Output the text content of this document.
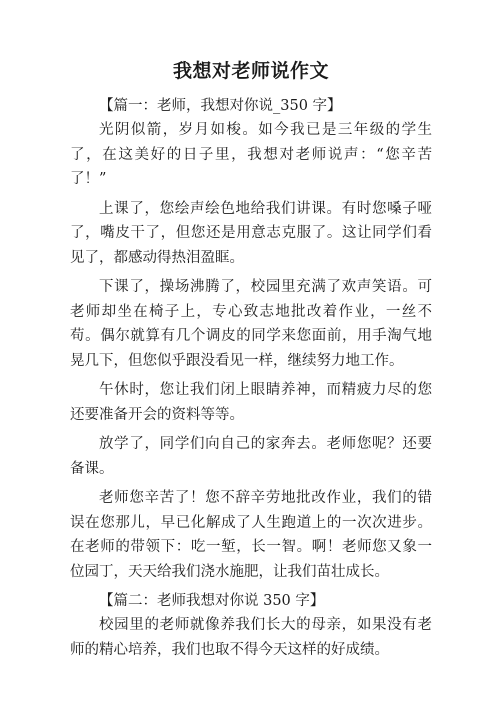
我想对老师说作文

【篇一：老师，我想对你说_350 字】

光阴似箭，岁月如梭。如今我已是三年级的学生了，在这美好的日子里，我想对老师说声：“您辛苦了！”

上课了，您绘声绘色地给我们讲课。有时您嗓子哑了，嘴皮干了，但您还是用意志克服了。这让同学们看见了，都感动得热泪盈眶。

下课了，操场沸腾了，校园里充满了欢声笑语。可老师却坐在椅子上，专心致志地批改着作业，一丝不苟。偶尔就算有几个调皮的同学来您面前，用手淘气地晃几下，但您似乎跟没看见一样，继续努力地工作。

午休时，您让我们闭上眼睛养神，而精疲力尽的您还要准备开会的资料等等。

放学了，同学们向自己的家奔去。老师您呢？还要备课。

老师您辛苦了！您不辞辛劳地批改作业，我们的错误在您那儿，早已化解成了人生跑道上的一次次进步。在老师的带领下：吃一堑，长一智。啊！老师您又象一位园丁，天天给我们浇水施肥，让我们苗壮成长。

【篇二：老师我想对你说 350 字】

校园里的老师就像养我们长大的母亲，如果没有老师的精心培养，我们也取不得今天这样的好成绩。
